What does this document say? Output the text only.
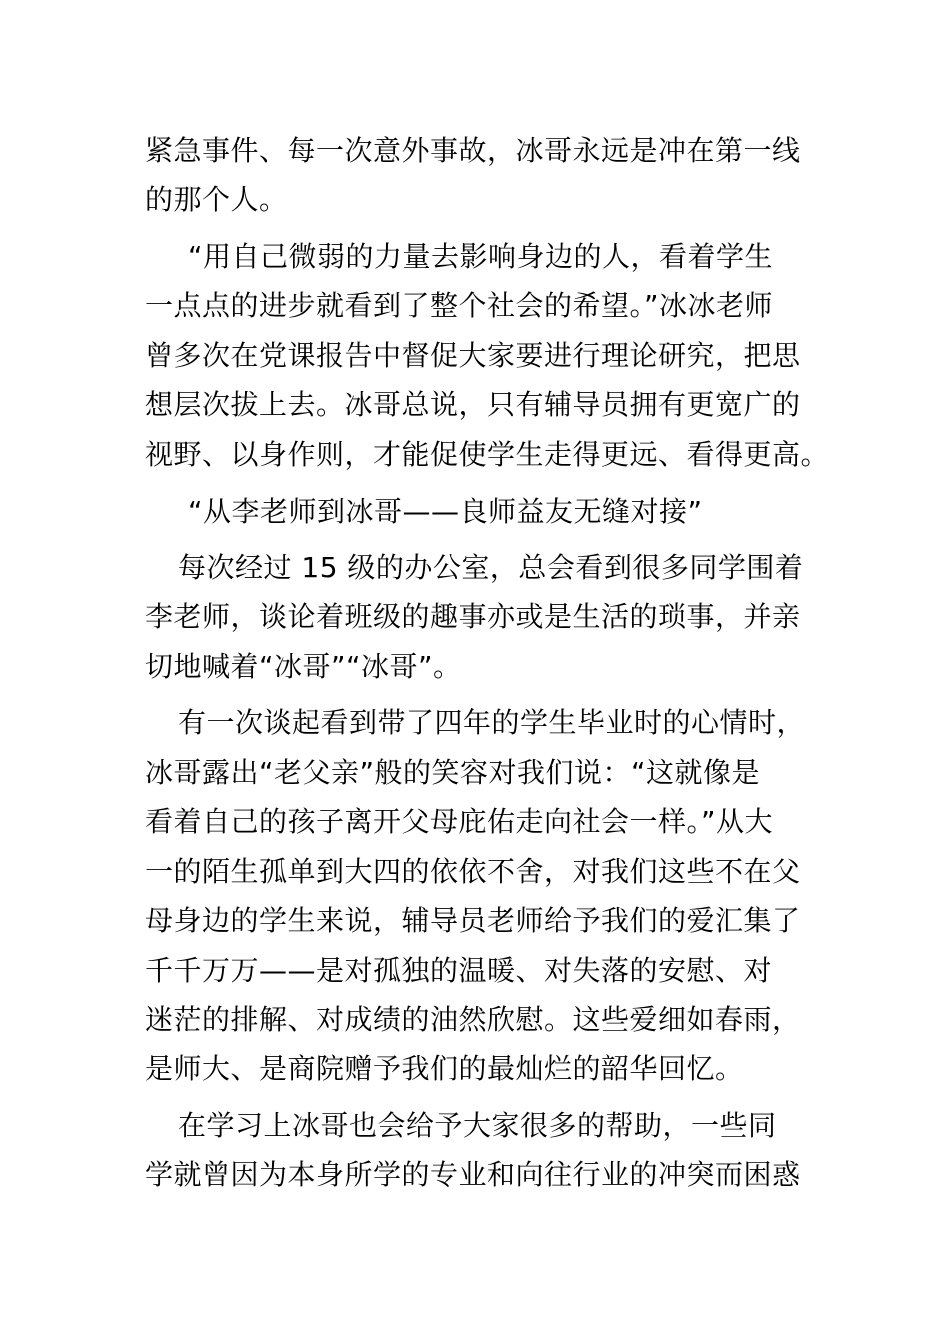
紧急事件、每一次意外事故，冰哥永远是冲在第一线
的那个人。
“用自己微弱的力量去影响身边的人，看着学生
一点点的进步就看到了整个社会的希望。”冰冰老师
曾多次在党课报告中督促大家要进行理论研究，把思
想层次拔上去。冰哥总说，只有辅导员拥有更宽广的
视野、以身作则，才能促使学生走得更远、看得更高。
“从李老师到冰哥——良师益友无缝对接”
每次经过 15 级的办公室，总会看到很多同学围着
李老师，谈论着班级的趣事亦或是生活的琐事，并亲
切地喊着“冰哥”“冰哥”。
有一次谈起看到带了四年的学生毕业时的心情时，
冰哥露出“老父亲”般的笑容对我们说：“这就像是
看着自己的孩子离开父母庇佑走向社会一样。”从大
一的陌生孤单到大四的依依不舍，对我们这些不在父
母身边的学生来说，辅导员老师给予我们的爱汇集了
千千万万——是对孤独的温暖、对失落的安慰、对
迷茫的排解、对成绩的油然欣慰。这些爱细如春雨，
是师大、是商院赠予我们的最灿烂的韶华回忆。
在学习上冰哥也会给予大家很多的帮助，一些同
学就曾因为本身所学的专业和向往行业的冲突而困惑
